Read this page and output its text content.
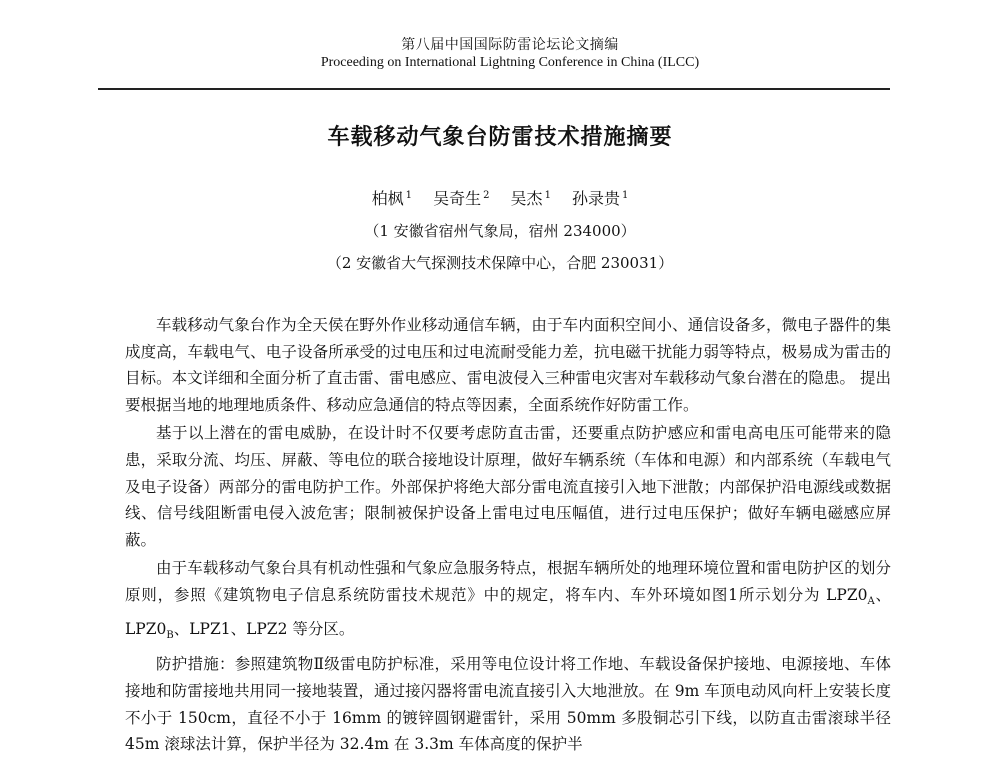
第八届中国国际防雷论坛论文摘编
Proceeding on International Lightning Conference in China (ILCC)
车载移动气象台防雷技术措施摘要
柏枫 $^1$ 吴奇生 $^2$ 吴杰 $^1$ 孙录贵 $^1$
（1 安徽省宿州气象局，宿州 234000）
（2 安徽省大气探测技术保障中心，合肥 230031）

车载移动气象台作为全天侯在野外作业移动通信车辆，由于车内面积空间小、通信设备多，微电子器件的集成度高，车载电气、电子设备所承受的过电压和过电流耐受能力差，抗电磁干扰能力弱等特点，极易成为雷击的目标。本文详细和全面分析了直击雷、雷电感应、雷电波侵入三种雷电灾害对车载移动气象台潜在的隐患。 提出要根据当地的地理地质条件、移动应急通信的特点等因素，全面系统作好防雷工作。

基于以上潜在的雷电威胁，在设计时不仅要考虑防直击雷，还要重点防护感应和雷电高电压可能带来的隐患，采取分流、均压、屏蔽、等电位的联合接地设计原理，做好车辆系统（车体和电源）和内部系统（车载电气及电子设备）两部分的雷电防护工作。外部保护将绝大部分雷电流直接引入地下泄散；内部保护沿电源线或数据线、信号线阻断雷电侵入波危害；限制被保护设备上雷电过电压幅值，进行过电压保护；做好车辆电磁感应屏蔽。

由于车载移动气象台具有机动性强和气象应急服务特点，根据车辆所处的地理环境位置和雷电防护区的划分原则，参照《建筑物电子信息系统防雷技术规范》中的规定，将车内、车外环境如图1所示划分为 $LPZ0_A$、$LPZ0_B$、LPZ1、LPZ2 等分区。

防护措施：参照建筑物Ⅱ级雷电防护标准，采用等电位设计将工作地、车载设备保护接地、电源接地、车体接地和防雷接地共用同一接地装置，通过接闪器将雷电流直接引入大地泄放。在 9m 车顶电动风向杆上安装长度不小于 150cm，直径不小于 16mm 的镀锌圆钢避雷针，采用 50mm 多股铜芯引下线，以防直击雷滚球半径 45m 滚球法计算，保护半径为 32.4m 在 3.3m 车体高度的保护半
